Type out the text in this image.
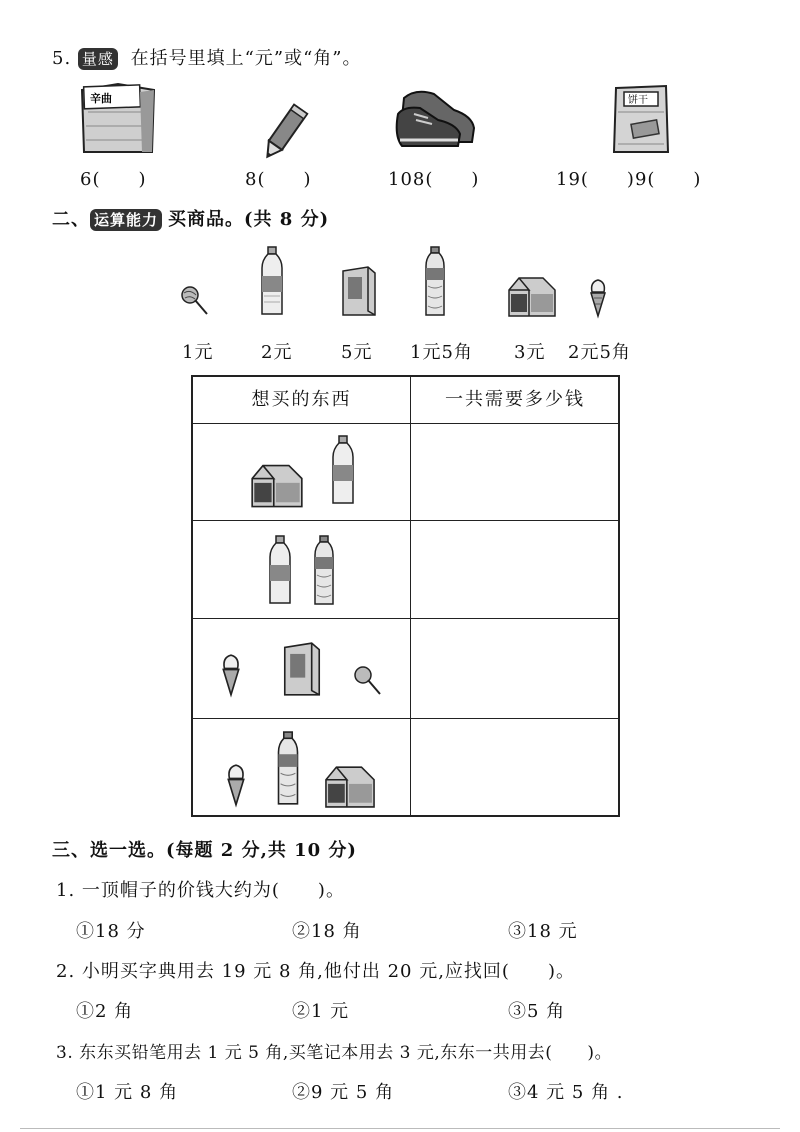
5. 量感 在括号里填上“元”或“角”。
辛曲
6(　　)	8(　　)	108(　　)
饼干
19(　　)9(　　)
二、 运算能力 买商品。(共 8 分)
1元	2元	5元 1元5角 3元 2元5角
想买的东西	一共需要多少钱
三、选一选。(每题 2 分,共 10 分)
1. 一顶帽子的价钱大约为(　　)。
①18 分	②18 角	③18 元
2. 小明买字典用去 19 元 8 角,他付出 20 元,应找回(　　)。
①2 角	②1 元	③5 角
3. 东东买铅笔用去 1 元 5 角,买笔记本用去 3 元,东东一共用去(　　)。
①1 元 8 角	②9 元 5 角	③4 元 5 角 .
